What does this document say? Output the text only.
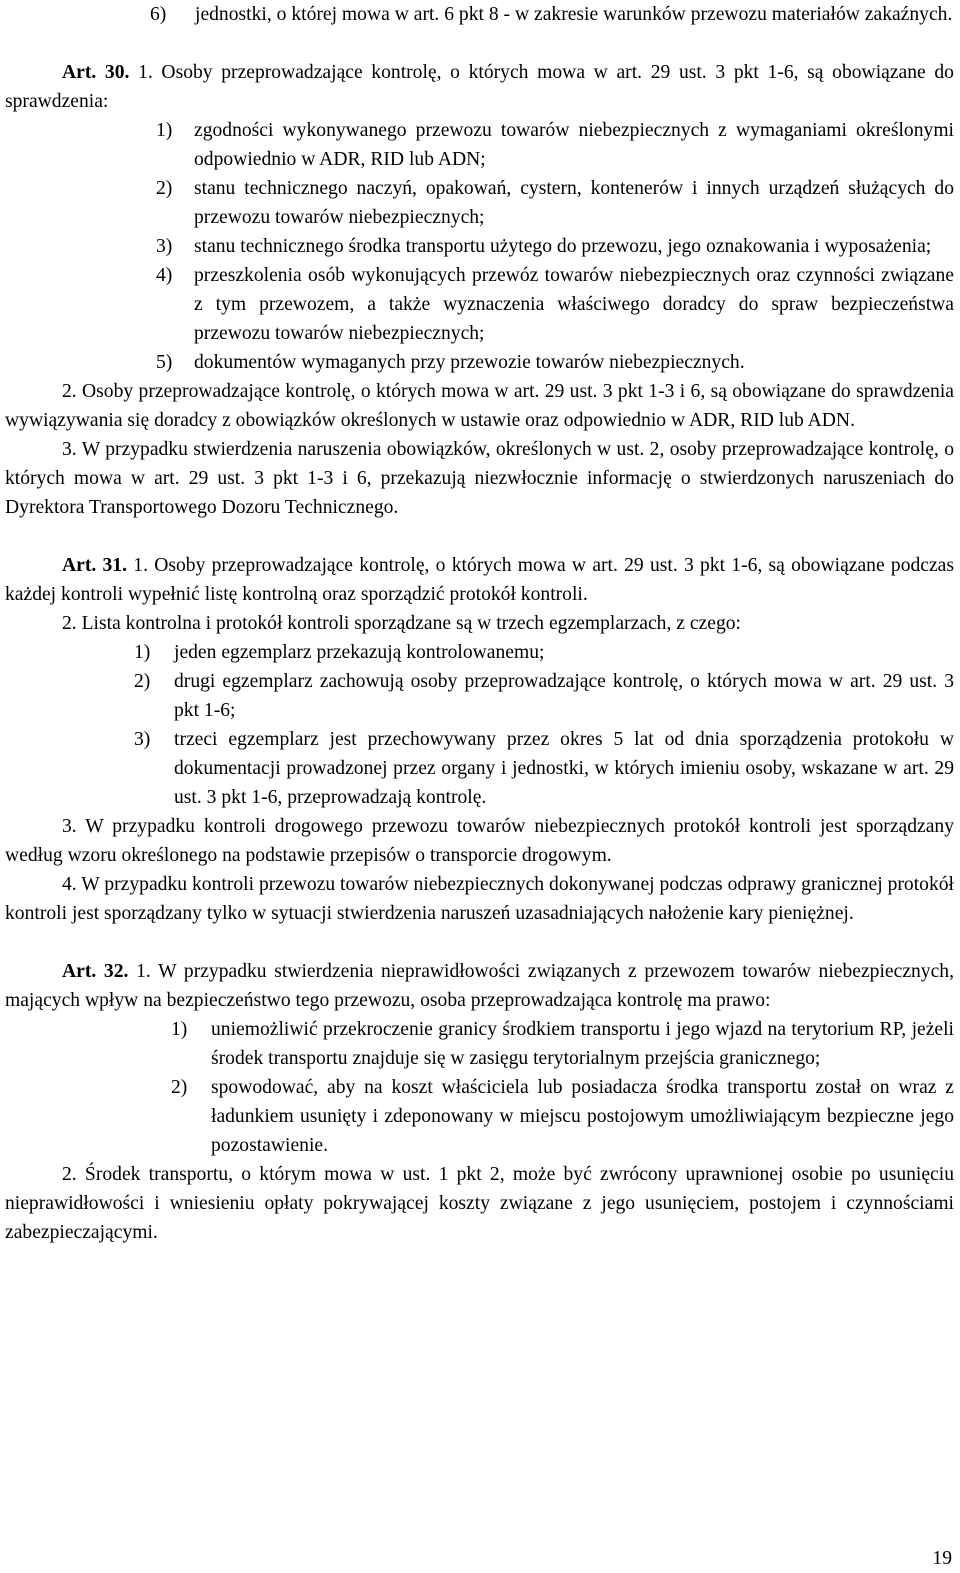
6)	jednostki, o której mowa w art. 6 pkt 8 - w zakresie warunków przewozu materiałów zakaźnych.

Art. 30. 1. Osoby przeprowadzające kontrolę, o których mowa w art. 29 ust. 3 pkt 1-6, są obowiązane do sprawdzenia:

1)	zgodności wykonywanego przewozu towarów niebezpiecznych z wymaganiami określonymi odpowiednio w ADR, RID lub ADN;
2)	stanu technicznego naczyń, opakowań, cystern, kontenerów i innych urządzeń służących do przewozu towarów niebezpiecznych;
3)	stanu technicznego środka transportu użytego do przewozu, jego oznakowania i wyposażenia;
4)	przeszkolenia osób wykonujących przewóz towarów niebezpiecznych oraz czynności związane z tym przewozem, a także wyznaczenia właściwego doradcy do spraw bezpieczeństwa przewozu towarów niebezpiecznych;
5)	dokumentów wymaganych przy przewozie towarów niebezpiecznych.

2. Osoby przeprowadzające kontrolę, o których mowa w art. 29 ust. 3 pkt 1-3 i 6, są obowiązane do sprawdzenia wywiązywania się doradcy z obowiązków określonych w ustawie oraz odpowiednio w ADR, RID lub ADN.

3. W przypadku stwierdzenia naruszenia obowiązków, określonych w ust. 2, osoby przeprowadzające kontrolę, o których mowa w art. 29 ust. 3 pkt 1-3 i 6, przekazują niezwłocznie informację o stwierdzonych naruszeniach do Dyrektora Transportowego Dozoru Technicznego.

Art. 31. 1. Osoby przeprowadzające kontrolę, o których mowa w art. 29 ust. 3 pkt 1-6, są obowiązane podczas każdej kontroli wypełnić listę kontrolną oraz sporządzić protokół kontroli.

2. Lista kontrolna i protokół kontroli sporządzane są w trzech egzemplarzach, z czego:

1)	jeden egzemplarz przekazują kontrolowanemu;
2)	drugi egzemplarz zachowują osoby przeprowadzające kontrolę, o których mowa w art. 29 ust. 3 pkt 1-6;
3)	trzeci egzemplarz jest przechowywany przez okres 5 lat od dnia sporządzenia protokołu w dokumentacji prowadzonej przez organy i jednostki, w których imieniu osoby, wskazane w art. 29 ust. 3 pkt 1-6, przeprowadzają kontrolę.

3. W przypadku kontroli drogowego przewozu towarów niebezpiecznych protokół kontroli jest sporządzany według wzoru określonego na podstawie przepisów o transporcie drogowym.

4. W przypadku kontroli przewozu towarów niebezpiecznych dokonywanej podczas odprawy granicznej protokół kontroli jest sporządzany tylko w sytuacji stwierdzenia naruszeń uzasadniających nałożenie kary pieniężnej.

Art. 32. 1. W przypadku stwierdzenia nieprawidłowości związanych z przewozem towarów niebezpiecznych, mających wpływ na bezpieczeństwo tego przewozu, osoba przeprowadzająca kontrolę ma prawo:

1)	uniemożliwić przekroczenie granicy środkiem transportu i jego wjazd na terytorium RP, jeżeli środek transportu znajduje się w zasięgu terytorialnym przejścia granicznego;
2)	spowodować, aby na koszt właściciela lub posiadacza środka transportu został on wraz z ładunkiem usunięty i zdeponowany w miejscu postojowym umożliwiającym bezpieczne jego pozostawienie.

2. Środek transportu, o którym mowa w ust. 1 pkt 2, może być zwrócony uprawnionej osobie po usunięciu nieprawidłowości i wniesieniu opłaty pokrywającej koszty związane z jego usunięciem, postojem i czynnościami zabezpieczającymi.

19
